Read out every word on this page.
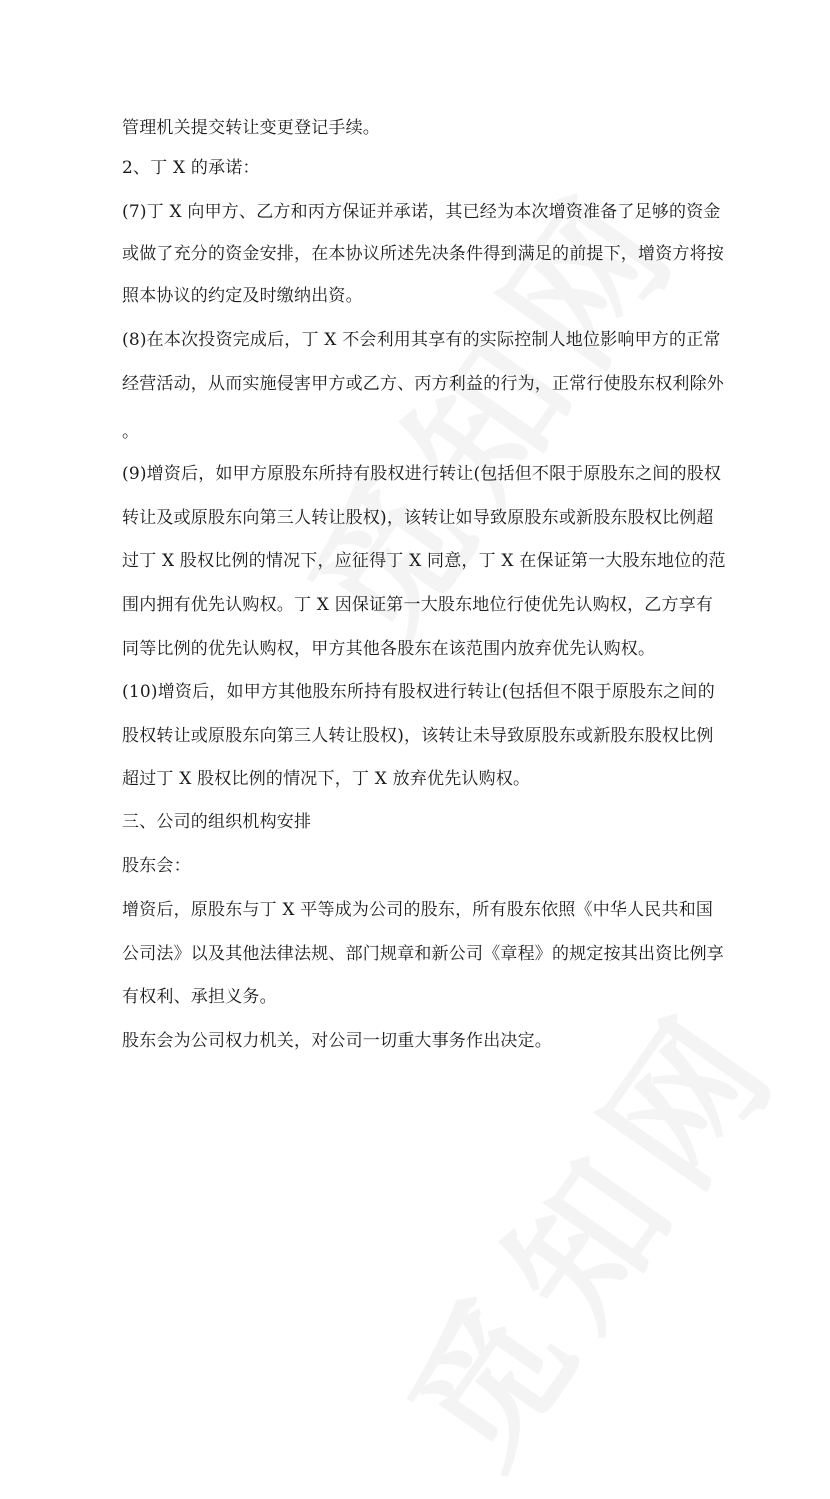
管理机关提交转让变更登记手续。
2、丁 X 的承诺：
(7)丁 X 向甲方、乙方和丙方保证并承诺，其已经为本次增资准备了足够的资金
或做了充分的资金安排，在本协议所述先决条件得到满足的前提下，增资方将按
照本协议的约定及时缴纳出资。
(8)在本次投资完成后，丁 X 不会利用其享有的实际控制人地位影响甲方的正常
经营活动，从而实施侵害甲方或乙方、丙方利益的行为，正常行使股东权利除外
。
(9)增资后，如甲方原股东所持有股权进行转让(包括但不限于原股东之间的股权
转让及或原股东向第三人转让股权)，该转让如导致原股东或新股东股权比例超
过丁 X 股权比例的情况下，应征得丁 X 同意，丁 X 在保证第一大股东地位的范
围内拥有优先认购权。丁 X 因保证第一大股东地位行使优先认购权，乙方享有
同等比例的优先认购权，甲方其他各股东在该范围内放弃优先认购权。
(10)增资后，如甲方其他股东所持有股权进行转让(包括但不限于原股东之间的
股权转让或原股东向第三人转让股权)，该转让未导致原股东或新股东股权比例
超过丁 X 股权比例的情况下，丁 X 放弃优先认购权。
三、公司的组织机构安排
股东会：
增资后，原股东与丁 X 平等成为公司的股东，所有股东依照《中华人民共和国
公司法》以及其他法律法规、部门规章和新公司《章程》的规定按其出资比例享
有权利、承担义务。
股东会为公司权力机关，对公司一切重大事务作出决定。
